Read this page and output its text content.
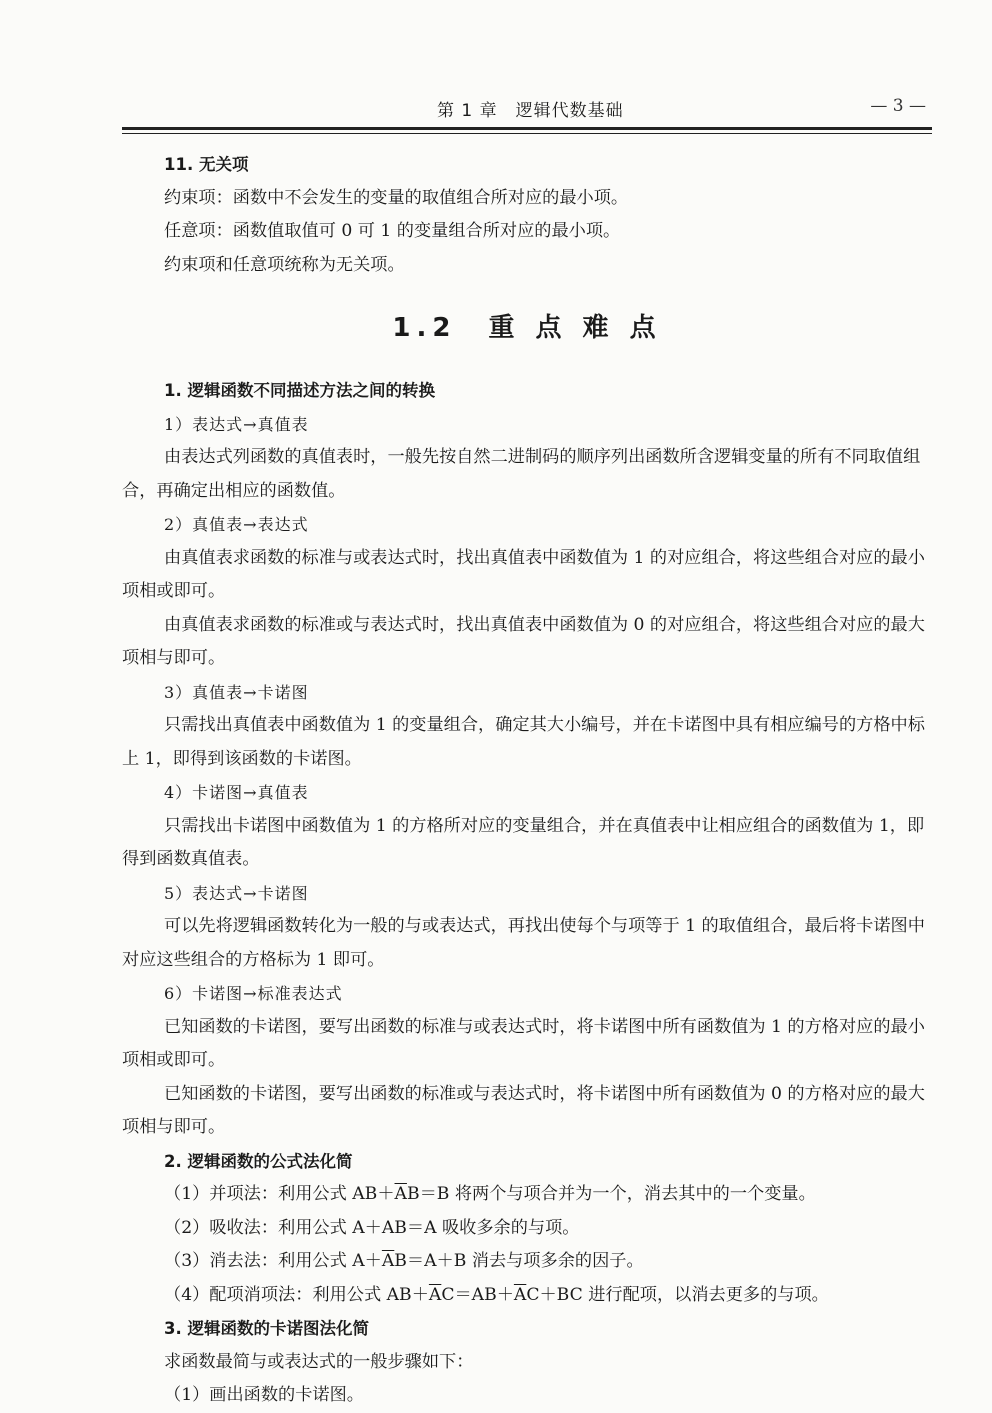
第 1 章　逻辑代数基础	— 3 —

11. 无关项

约束项：函数中不会发生的变量的取值组合所对应的最小项。

任意项：函数值取值可 0 可 1 的变量组合所对应的最小项。

约束项和任意项统称为无关项。

1.2　重 点 难 点

1. 逻辑函数不同描述方法之间的转换

1）表达式→真值表

由表达式列函数的真值表时，一般先按自然二进制码的顺序列出函数所含逻辑变量的所有不同取值组合，再确定出相应的函数值。

2）真值表→表达式

由真值表求函数的标准与或表达式时，找出真值表中函数值为 1 的对应组合，将这些组合对应的最小项相或即可。

由真值表求函数的标准或与表达式时，找出真值表中函数值为 0 的对应组合，将这些组合对应的最大项相与即可。

3）真值表→卡诺图

只需找出真值表中函数值为 1 的变量组合，确定其大小编号，并在卡诺图中具有相应编号的方格中标上 1，即得到该函数的卡诺图。

4）卡诺图→真值表

只需找出卡诺图中函数值为 1 的方格所对应的变量组合，并在真值表中让相应组合的函数值为 1，即得到函数真值表。

5）表达式→卡诺图

可以先将逻辑函数转化为一般的与或表达式，再找出使每个与项等于 1 的取值组合，最后将卡诺图中对应这些组合的方格标为 1 即可。

6）卡诺图→标准表达式

已知函数的卡诺图，要写出函数的标准与或表达式时，将卡诺图中所有函数值为 1 的方格对应的最小项相或即可。

已知函数的卡诺图，要写出函数的标准或与表达式时，将卡诺图中所有函数值为 0 的方格对应的最大项相与即可。

2. 逻辑函数的公式法化简

（1）并项法：利用公式 $AB+\overline{A}B=B$ 将两个与项合并为一个，消去其中的一个变量。

（2）吸收法：利用公式 A＋AB＝A 吸收多余的与项。

（3）消去法：利用公式 $A+\overline{A}B=A+B$ 消去与项多余的因子。

（4）配项消项法：利用公式 $AB+\overline{A}C=AB+\overline{A}C+BC$ 进行配项，以消去更多的与项。

3. 逻辑函数的卡诺图法化简

求函数最简与或表达式的一般步骤如下：

（1）画出函数的卡诺图。
